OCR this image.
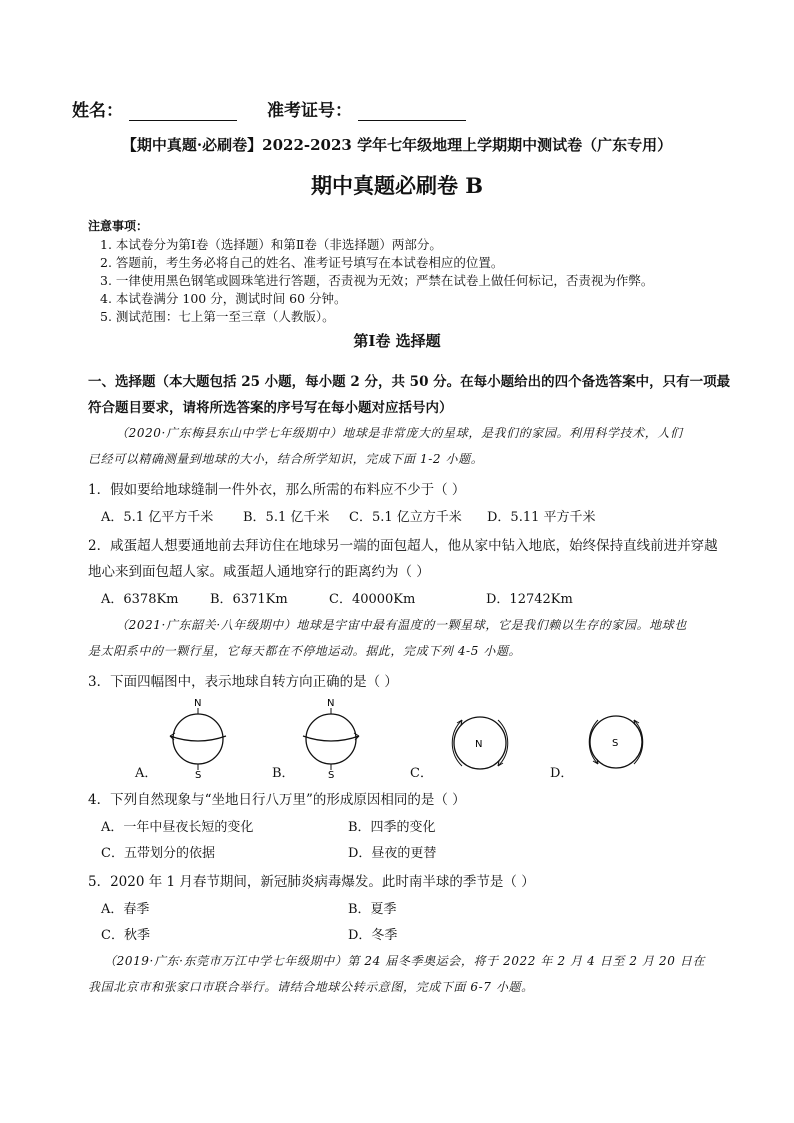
姓名：	准考证号：
【期中真题·必刷卷】2022-2023 学年七年级地理上学期期中测试卷（广东专用）
期中真题必刷卷 B
注意事项：
1. 本试卷分为第Ⅰ卷（选择题）和第Ⅱ卷（非选择题）两部分。
2. 答题前，考生务必将自己的姓名、准考证号填写在本试卷相应的位置。
3. 一律使用黑色钢笔或圆珠笔进行答题，否责视为无效；严禁在试卷上做任何标记，否责视为作弊。
4. 本试卷满分 100 分，测试时间 60 分钟。
5. 测试范围：七上第一至三章（人教版）。
第Ⅰ卷 选择题
一、选择题（本大题包括 25 小题，每小题 2 分，共 50 分。在每小题给出的四个备选答案中，只有一项最
符合题目要求，请将所选答案的序号写在每小题对应括号内）
（2020·广东梅县东山中学七年级期中）地球是非常庞大的星球，是我们的家园。利用科学技术，人们
已经可以精确测量到地球的大小，结合所学知识，完成下面 1-2 小题。
1．假如要给地球缝制一件外衣，那么所需的布料应不少于（ ）
A．5.1 亿平方千米 B．5.1 亿千米 C．5.1 亿立方千米 D．5.11 平方千米
2．咸蛋超人想要通地前去拜访住在地球另一端的面包超人，他从家中钻入地底，始终保持直线前进并穿越
地心来到面包超人家。咸蛋超人通地穿行的距离约为（ ）
A．6378Km B．6371Km	C．40000Km	D．12742Km
（2021·广东韶关·八年级期中）地球是宇宙中最有温度的一颗星球，它是我们赖以生存的家园。地球也
是太阳系中的一颗行星，它每天都在不停地运动。据此，完成下列 4-5 小题。
3．下面四幅图中，表示地球自转方向正确的是（ ）
A．
N
S	B．
N
S	C．
N
D．
S
4．下列自然现象与“坐地日行八万里”的形成原因相同的是（ ）
A．一年中昼夜长短的变化	B．四季的变化
C．五带划分的依据	D．昼夜的更替
5．2020 年 1 月春节期间，新冠肺炎病毒爆发。此时南半球的季节是（ ）
A．春季	B．夏季
C．秋季	D．冬季
（2019·广东·东莞市万江中学七年级期中）第 24 届冬季奥运会，将于 2022 年 2 月 4 日至 2 月 20 日在
我国北京市和张家口市联合举行。请结合地球公转示意图，完成下面 6-7 小题。
